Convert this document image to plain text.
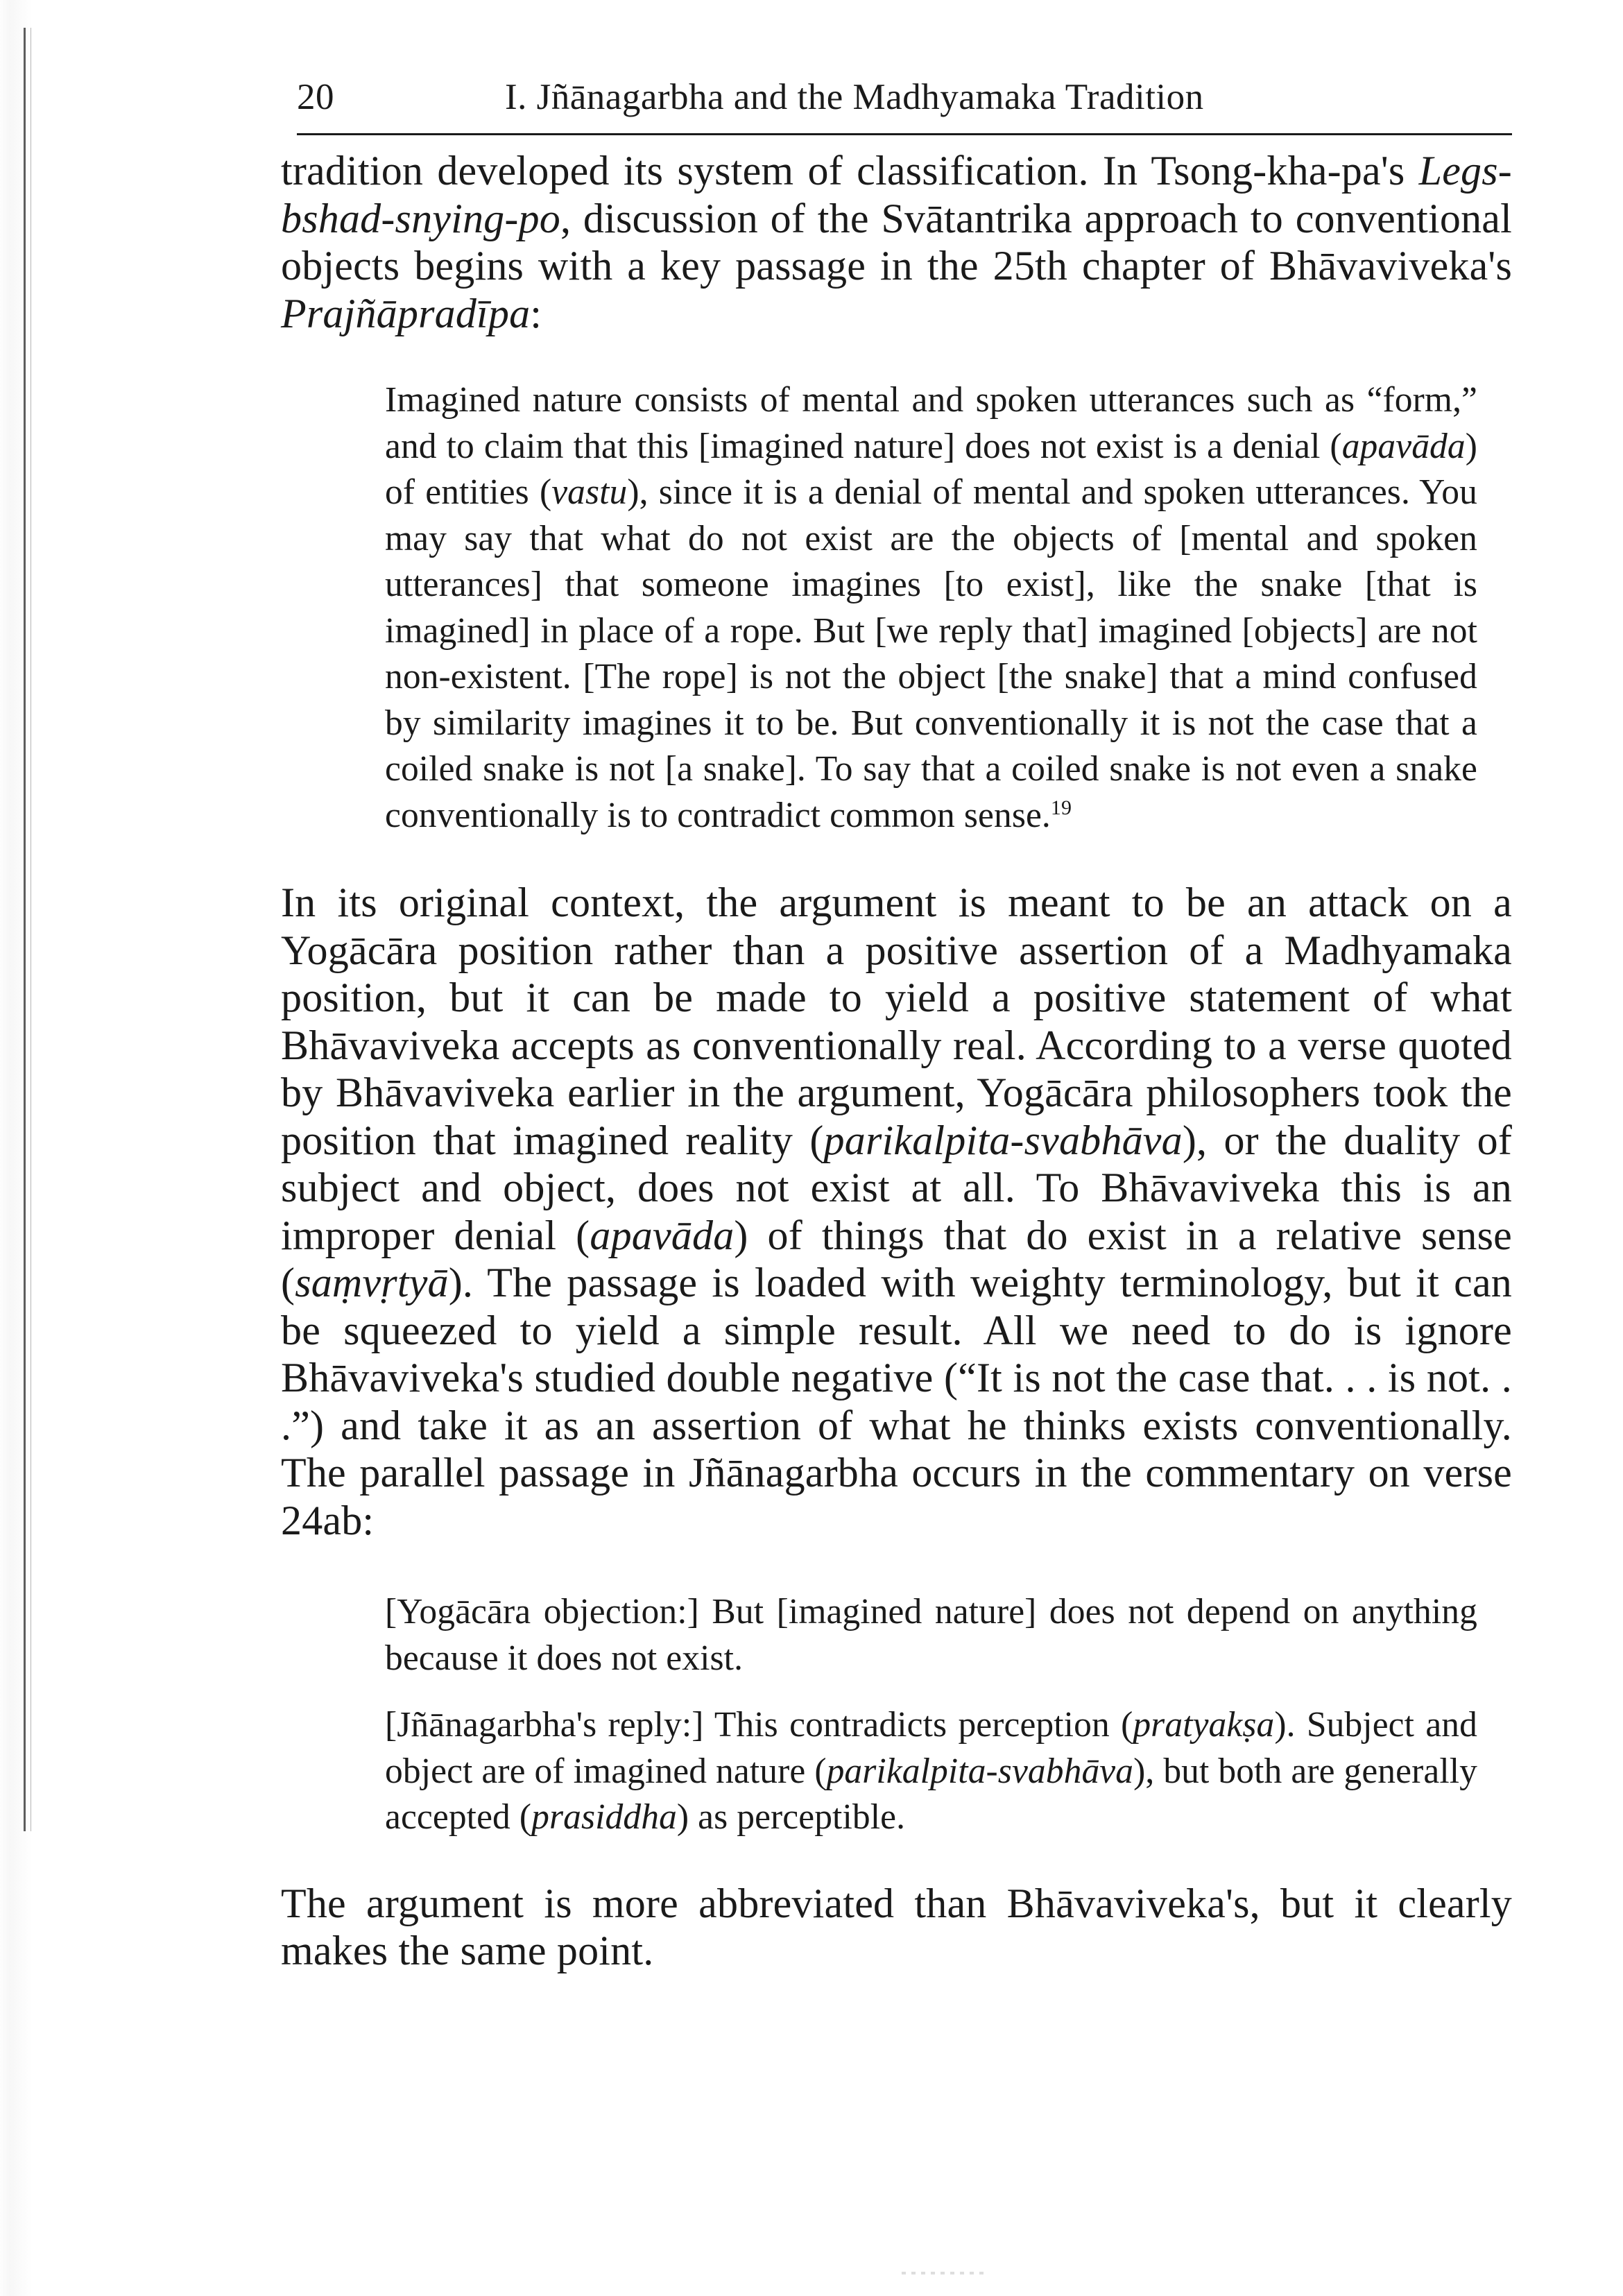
20	I. Jñānagarbha and the Madhyamaka Tradition

tradition developed its system of classification. In Tsong-kha-pa's Legs-bshad-snying-po, discussion of the Svātantrika approach to conventional objects begins with a key passage in the 25th chapter of Bhāvaviveka's Prajñāpradīpa:

Imagined nature consists of mental and spoken utterances such as “form,” and to claim that this [imagined nature] does not exist is a denial (apavāda) of entities (vastu), since it is a denial of mental and spoken utterances. You may say that what do not exist are the objects of [mental and spoken utterances] that someone imagines [to exist], like the snake [that is imagined] in place of a rope. But [we reply that] imagined [objects] are not non-existent. [The rope] is not the object [the snake] that a mind confused by similarity imagines it to be. But conventionally it is not the case that a coiled snake is not [a snake]. To say that a coiled snake is not even a snake conventionally is to contradict common sense.$^{19}$

In its original context, the argument is meant to be an attack on a Yogācāra position rather than a positive assertion of a Madhyamaka position, but it can be made to yield a positive statement of what Bhāvaviveka accepts as conventionally real. According to a verse quoted by Bhāvaviveka earlier in the argument, Yogācāra philosophers took the position that imagined reality (parikalpita-svabhāva), or the duality of subject and object, does not exist at all. To Bhāvaviveka this is an improper denial (apavāda) of things that do exist in a relative sense (saṃvṛtyā). The passage is loaded with weighty terminology, but it can be squeezed to yield a simple result. All we need to do is ignore Bhāvaviveka's studied double negative (“It is not the case that. . . is not. . .”) and take it as an assertion of what he thinks exists conventionally. The parallel passage in Jñānagarbha occurs in the commentary on verse 24ab:

[Yogācāra objection:] But [imagined nature] does not depend on anything because it does not exist.

[Jñānagarbha's reply:] This contradicts perception (pratyakṣa). Subject and object are of imagined nature (parikalpita-svabhāva), but both are generally accepted (prasiddha) as perceptible.

The argument is more abbreviated than Bhāvaviveka's, but it clearly makes the same point.
